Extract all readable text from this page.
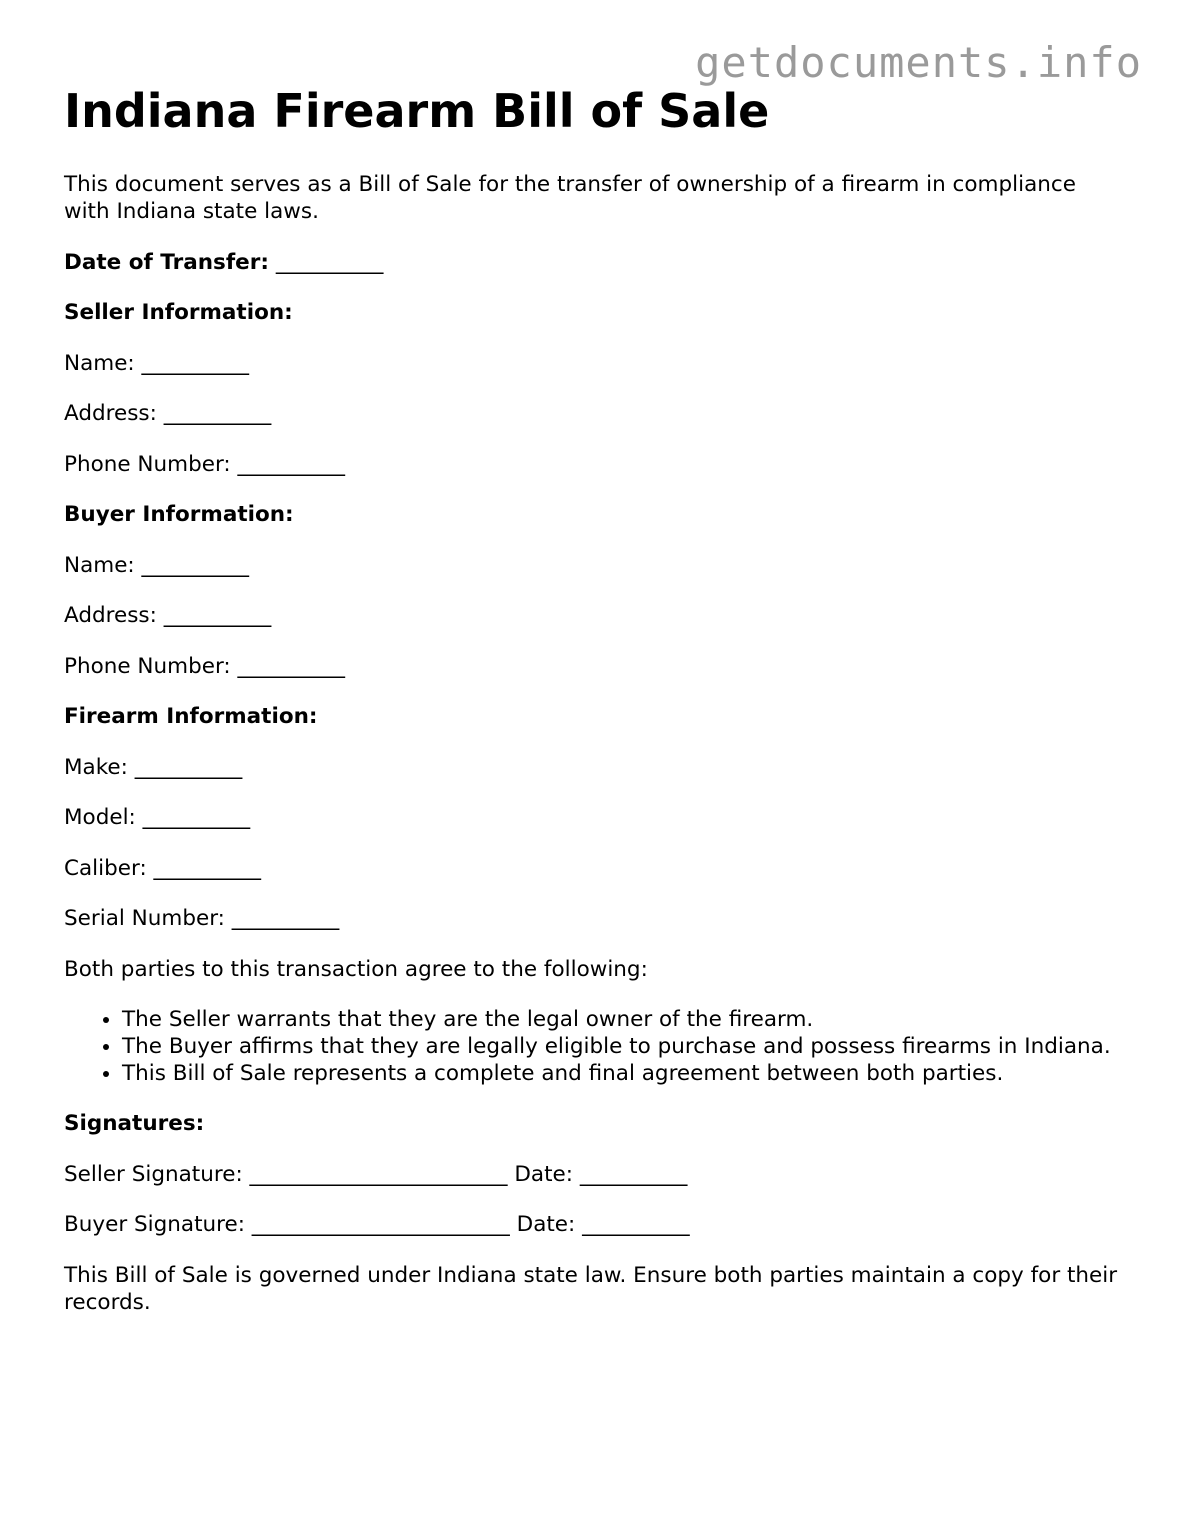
getdocuments.info
Indiana Firearm Bill of Sale

This document serves as a Bill of Sale for the transfer of ownership of a firearm in compliance with Indiana state laws.

Date of Transfer: __________
Seller Information:
Name: __________
Address: __________
Phone Number: __________
Buyer Information:
Name: __________
Address: __________
Phone Number: __________
Firearm Information:
Make: __________
Model: __________
Caliber: __________
Serial Number: __________
Both parties to this transaction agree to the following:
• The Seller warrants that they are the legal owner of the firearm.
• The Buyer affirms that they are legally eligible to purchase and possess firearms in Indiana.
• This Bill of Sale represents a complete and final agreement between both parties.
Signatures:
Seller Signature: ________________________ Date: __________
Buyer Signature: ________________________ Date: __________

This Bill of Sale is governed under Indiana state law. Ensure both parties maintain a copy for their records.
